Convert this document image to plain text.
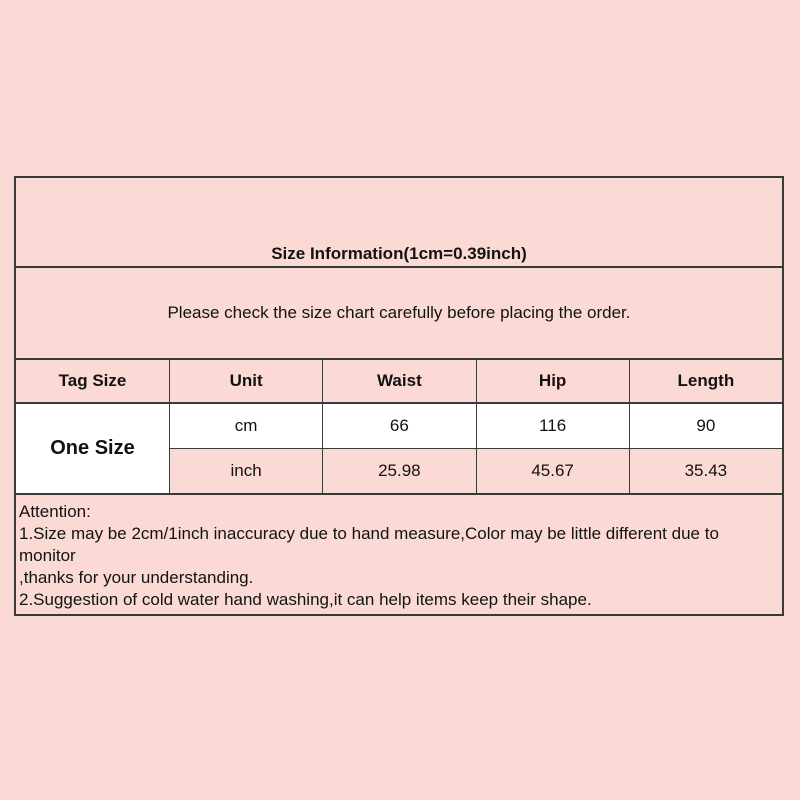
Size Information(1cm=0.39inch)
Please check the size chart carefully before placing the order.
Tag Size	Unit	Waist	Hip	Length
One Size
cm	66	116	90
inch	25.98	45.67	35.43
Attention:
1.Size may be 2cm/1inch inaccuracy due to hand measure,Color may be little different due to monitor
,thanks for your understanding.
2.Suggestion of cold water hand washing,it can help items keep their shape.
